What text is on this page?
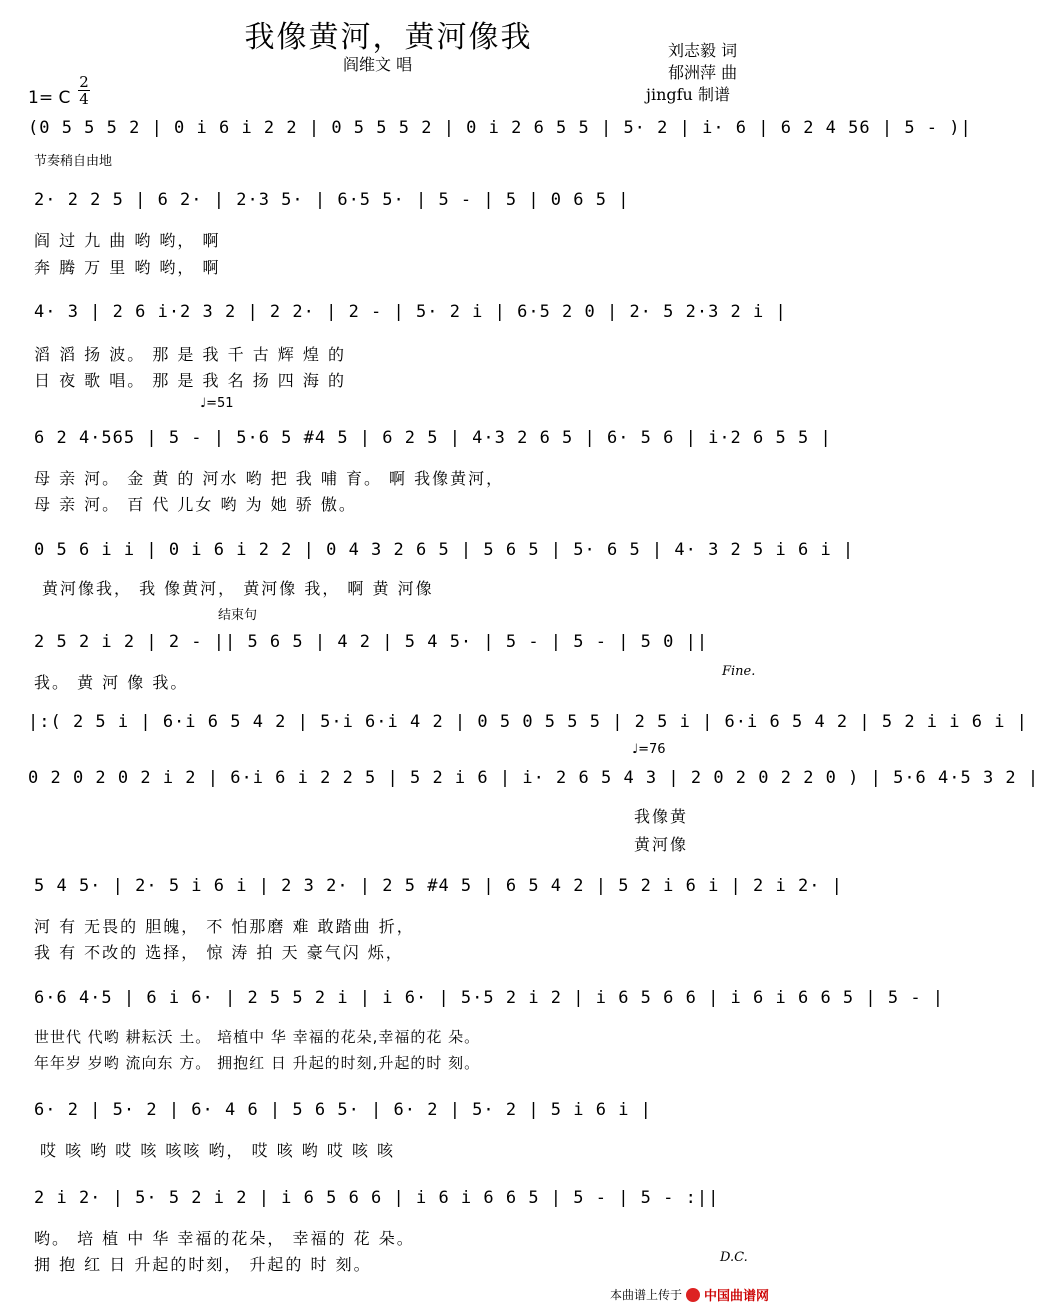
我像黄河，黄河像我
阎维文 唱
刘志毅 词
郁洲萍 曲
jingfu 制谱
1= C
2
4
(0 5 5 5 2 | 0 i 6 i 2 2 | 0 5 5 5 2 | 0 i 2 6 5 5 | 5· 2 | i· 6 | 6 2 4 56 | 5 - )|
节奏稍自由地
2· 2 2 5 | 6 2· | 2·3 5· | 6·5 5· | 5 - | 5 | 0 6 5 |
阎 过 九 曲 哟 哟， 啊
奔 腾 万 里 哟 哟， 啊
4· 3 | 2 6 i·2 3 2 | 2 2· | 2 - | 5· 2 i | 6·5 2 0 | 2· 5 2·3 2 i |
滔 滔 扬 波。 那 是 我 千 古 辉 煌 的
日 夜 歌 唱。 那 是 我 名 扬 四 海 的
♩=51
6 2 4·565 | 5 - | 5·6 5 #4 5 | 6 2 5 | 4·3 2 6 5 | 6· 5 6 | i·2 6 5 5 |
母 亲 河。 金 黄 的 河水 哟 把 我 哺 育。 啊 我像黄河，
母 亲 河。 百 代 儿女 哟 为 她 骄 傲。
0 5 6 i i | 0 i 6 i 2 2 | 0 4 3 2 6 5 | 5 6 5 | 5· 6 5 | 4· 3 2 5 i 6 i |
黄河像我， 我 像黄河， 黄河像 我， 啊 黄 河像
结束句
2 5 2 i 2 | 2 - || 5 6 5 | 4 2 | 5 4 5· | 5 - | 5 - | 5 0 ||
我。 黄 河 像 我。
Fine.
|:( 2 5 i | 6·i 6 5 4 2 | 5·i 6·i 4 2 | 0 5 0 5 5 5 | 2 5 i | 6·i 6 5 4 2 | 5 2 i i 6 i |
♩=76
0 2 0 2 0 2 i 2 | 6·i 6 i 2 2 5 | 5 2 i 6 | i· 2 6 5 4 3 | 2 0 2 0 2 2 0 ) | 5·6 4·5 3 2 |
我像黄
黄河像
5 4 5· | 2· 5 i 6 i | 2 3 2· | 2 5 #4 5 | 6 5 4 2 | 5 2 i 6 i | 2 i 2· |
河 有 无畏的 胆魄， 不 怕那磨 难 敢踏曲 折，
我 有 不改的 选择， 惊 涛 拍 天 豪气闪 烁，
6·6 4·5 | 6 i 6· | 2 5 5 2 i | i 6· | 5·5 2 i 2 | i 6 5 6 6 | i 6 i 6 6 5 | 5 - |
世世代 代哟 耕耘沃 土。 培植中 华 幸福的花朵,幸福的花 朵。
年年岁 岁哟 流向东 方。 拥抱红 日 升起的时刻,升起的时 刻。
6· 2 | 5· 2 | 6· 4 6 | 5 6 5· | 6· 2 | 5· 2 | 5 i 6 i |
哎 咳 哟 哎 咳 咳咳 哟， 哎 咳 哟 哎 咳 咳
2 i 2· | 5· 5 2 i 2 | i 6 5 6 6 | i 6 i 6 6 5 | 5 - | 5 - :||
哟。 培 植 中 华 幸福的花朵， 幸福的 花 朵。
拥 抱 红 日 升起的时刻， 升起的 时 刻。	D.C.
本曲谱上传于 中国曲谱网
